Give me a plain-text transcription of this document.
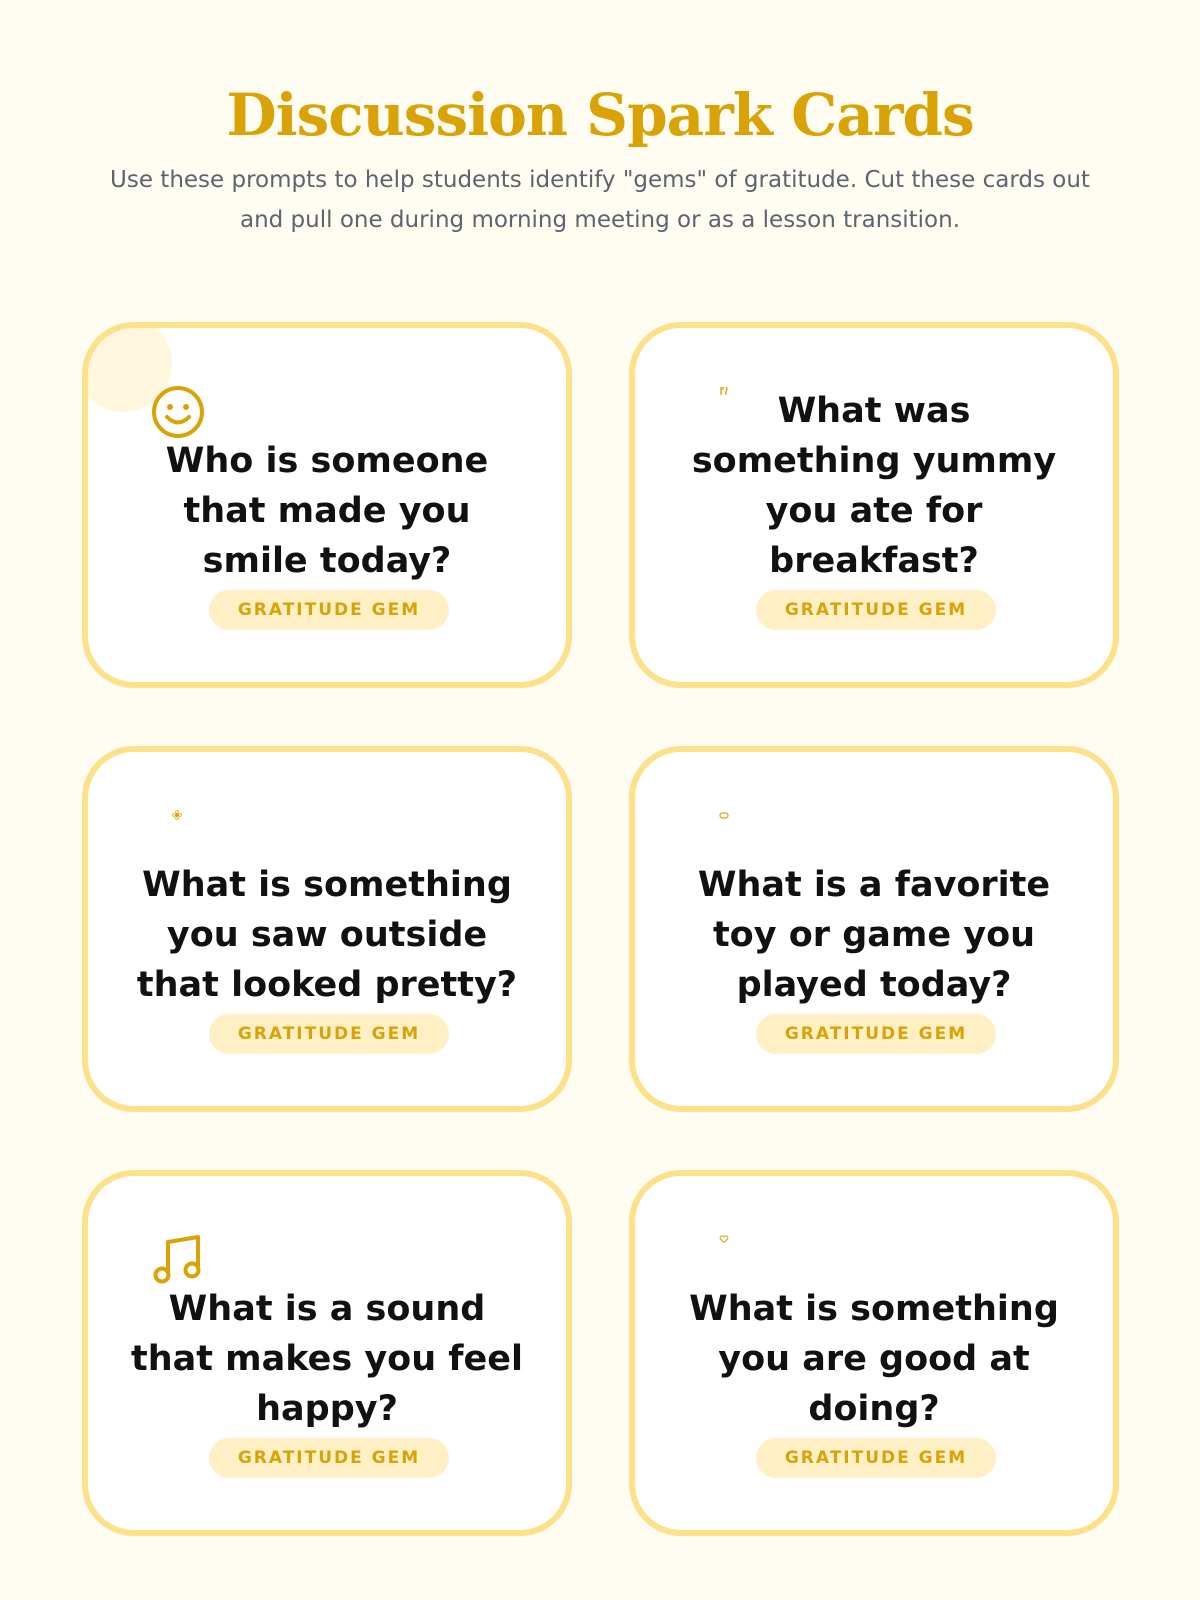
Discussion Spark Cards

Use these prompts to help students identify "gems" of gratitude. Cut these cards out and pull one during morning meeting or as a lesson transition.

Who is someone that made you smile today?

GRATITUDE GEM

What was something yummy you ate for breakfast?

GRATITUDE GEM

What is something you saw outside that looked pretty?

GRATITUDE GEM

What is a favorite toy or game you played today?

GRATITUDE GEM

What is a sound that makes you feel happy?

GRATITUDE GEM

What is something you are good at doing?

GRATITUDE GEM
